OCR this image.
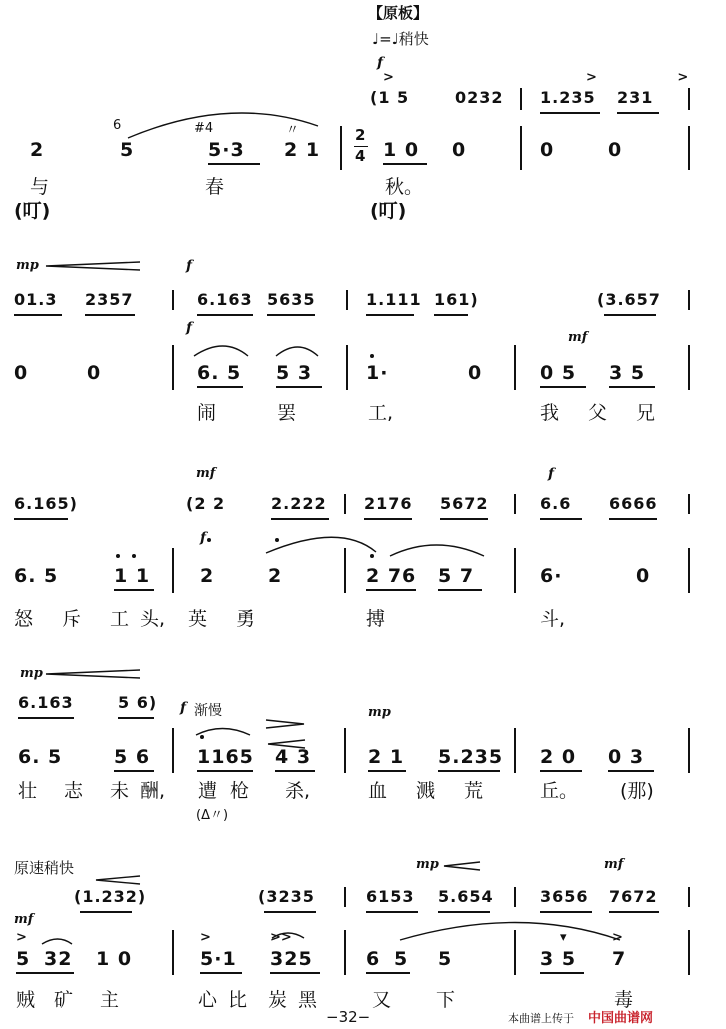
【原板】
♩=♩稍快
f
>	> >
(1 5	0232 1.235 231
6	#4	〃
2	5	5·3 2 1
2
4 1 0 0	0	0
与	春	秋。
(叮)	(叮)
mp	f
01.3 2357	6.163 5635	1.111 161)	(3.657
f
mf
0	0	6. 5 5 3	1·	0	0 5 3 5
闹	罢	工,	我 父 兄
mf	f
6.165)	(2 2	2.222 2176 5672	6.6 6666
f
6. 5	1 1	2	2	2 76 5 7	6·	0
怒 斥 工 头, 英 勇	搏	斗,
mp
6.163	5 6) f 渐慢	mp
6. 5	5 6 1165 4 3	2 1 5.235 2 0 0 3
壮 志 未 酬, 遭 枪 杀,	血 溅 荒	丘。 (那)
(Δ〃)
原速稍快	mp	mf
(1.232)	(3235	6153 5.654	3656 7672
mf
>	>	>>	>
▾
5 32 1 0	5·1 325	6 5 5	3 5 7
贼 矿 主	心 比 炭 黑	又 下	毒
−32−	本曲谱上传于 中国曲谱网
